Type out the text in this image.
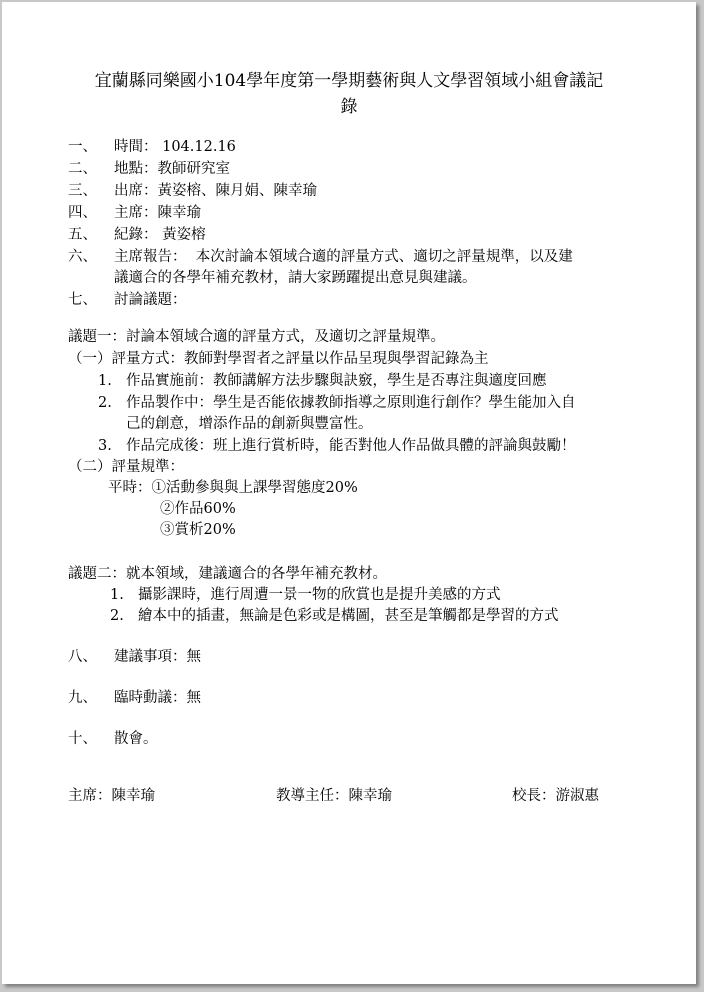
宜蘭縣同樂國小104學年度第一學期藝術與人文學習領域小組會議記
錄
一、 時間： 104.12.16
二、 地點：教師研究室
三、 出席：黃姿榕、陳月娟、陳幸瑜
四、 主席：陳幸瑜
五、 紀錄： 黃姿榕
六、 主席報告： 本次討論本領域合適的評量方式、適切之評量規準，以及建
議適合的各學年補充教材，請大家踴躍提出意見與建議。
七、 討論議題：
議題一：討論本領域合適的評量方式，及適切之評量規準。
（一）評量方式：教師對學習者之評量以作品呈現與學習記錄為主
1. 作品實施前：教師講解方法步驟與訣竅，學生是否專注與適度回應
2. 作品製作中：學生是否能依據教師指導之原則進行創作？學生能加入自
己的創意，增添作品的創新與豐富性。
3. 作品完成後：班上進行賞析時，能否對他人作品做具體的評論與鼓勵！
（二）評量規準：
平時：①活動參與與上課學習態度20%
②作品60%
③賞析20%
議題二：就本領域，建議適合的各學年補充教材。
1. 攝影課時，進行周遭一景一物的欣賞也是提升美感的方式
2. 繪本中的插畫，無論是色彩或是構圖，甚至是筆觸都是學習的方式
八、 建議事項：無
九、 臨時動議：無
十、 散會。
主席：陳幸瑜	教導主任：陳幸瑜	校長：游淑惠
